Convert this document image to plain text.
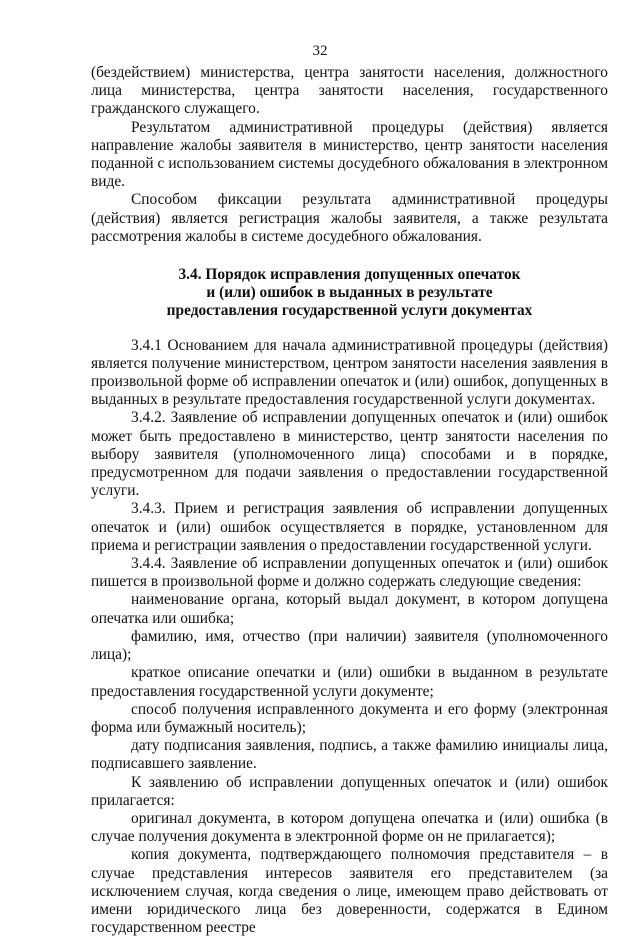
32

(бездействием) министерства, центра занятости населения, должностного лица министерства, центра занятости населения, государственного гражданского служащего.

Результатом административной процедуры (действия) является направление жалобы заявителя в министерство, центр занятости населения поданной с использованием системы досудебного обжалования в электронном виде.

Способом фиксации результата административной процедуры (действия) является регистрация жалобы заявителя, а также результата рассмотрения жалобы в системе досудебного обжалования.

3.4. Порядок исправления допущенных опечаток
и (или) ошибок в выданных в результате
предоставления государственной услуги документах

3.4.1 Основанием для начала административной процедуры (действия) является получение министерством, центром занятости населения заявления в произвольной форме об исправлении опечаток и (или) ошибок, допущенных в выданных в результате предоставления государственной услуги документах.

3.4.2. Заявление об исправлении допущенных опечаток и (или) ошибок может быть предоставлено в министерство, центр занятости населения по выбору заявителя (уполномоченного лица) способами и в порядке, предусмотренном для подачи заявления о предоставлении государственной услуги.

3.4.3. Прием и регистрация заявления об исправлении допущенных опечаток и (или) ошибок осуществляется в порядке, установленном для приема и регистрации заявления о предоставлении государственной услуги.

3.4.4. Заявление об исправлении допущенных опечаток и (или) ошибок пишется в произвольной форме и должно содержать следующие сведения:

наименование органа, который выдал документ, в котором допущена опечатка или ошибка;

фамилию, имя, отчество (при наличии) заявителя (уполномоченного лица);

краткое описание опечатки и (или) ошибки в выданном в результате предоставления государственной услуги документе;

способ получения исправленного документа и его форму (электронная форма или бумажный носитель);

дату подписания заявления, подпись, а также фамилию инициалы лица, подписавшего заявление.

К заявлению об исправлении допущенных опечаток и (или) ошибок прилагается:

оригинал документа, в котором допущена опечатка и (или) ошибка (в случае получения документа в электронной форме он не прилагается);

копия документа, подтверждающего полномочия представителя – в случае представления интересов заявителя его представителем (за исключением случая, когда сведения о лице, имеющем право действовать от имени юридического лица без доверенности, содержатся в Едином государственном реестре
